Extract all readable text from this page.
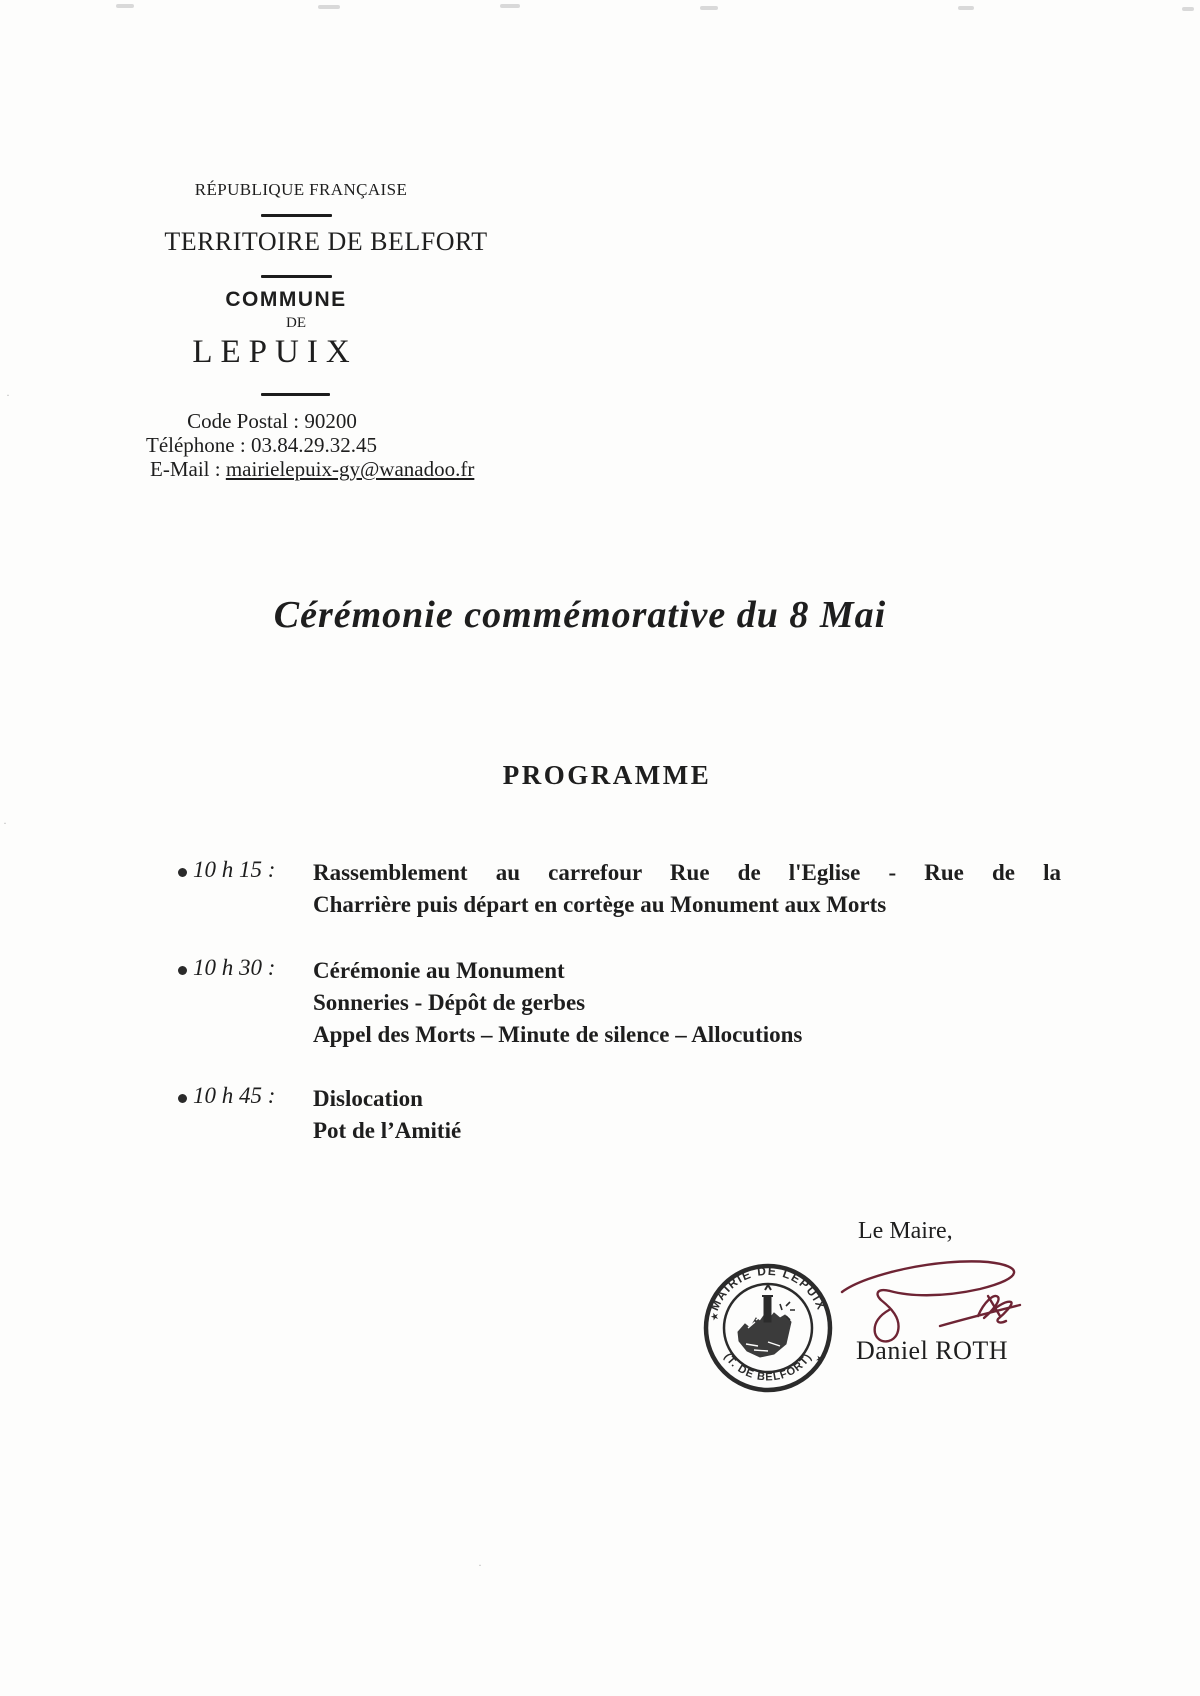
·
·
·
RÉPUBLIQUE FRANÇAISE
TERRITOIRE DE BELFORT
COMMUNE
DE
LEPUIX
Code Postal : 90200
Téléphone : 03.84.29.32.45
E-Mail : mairielepuix-gy@wanadoo.fr
Cérémonie commémorative du 8 Mai
PROGRAMME
10 h 15 :	Rassemblement au carrefour Rue de l'Eglise - Rue de la
Charrière puis départ en cortège au Monument aux Morts
10 h 30 :	Cérémonie au Monument
Sonneries - Dépôt de gerbes
Appel des Morts – Minute de silence – Allocutions
10 h 45 :	Dislocation
Pot de l’Amitié
Le Maire,
MAIRIE DE LEPUIX
(T. DE BELFORT)
★
★ Daniel ROTH
